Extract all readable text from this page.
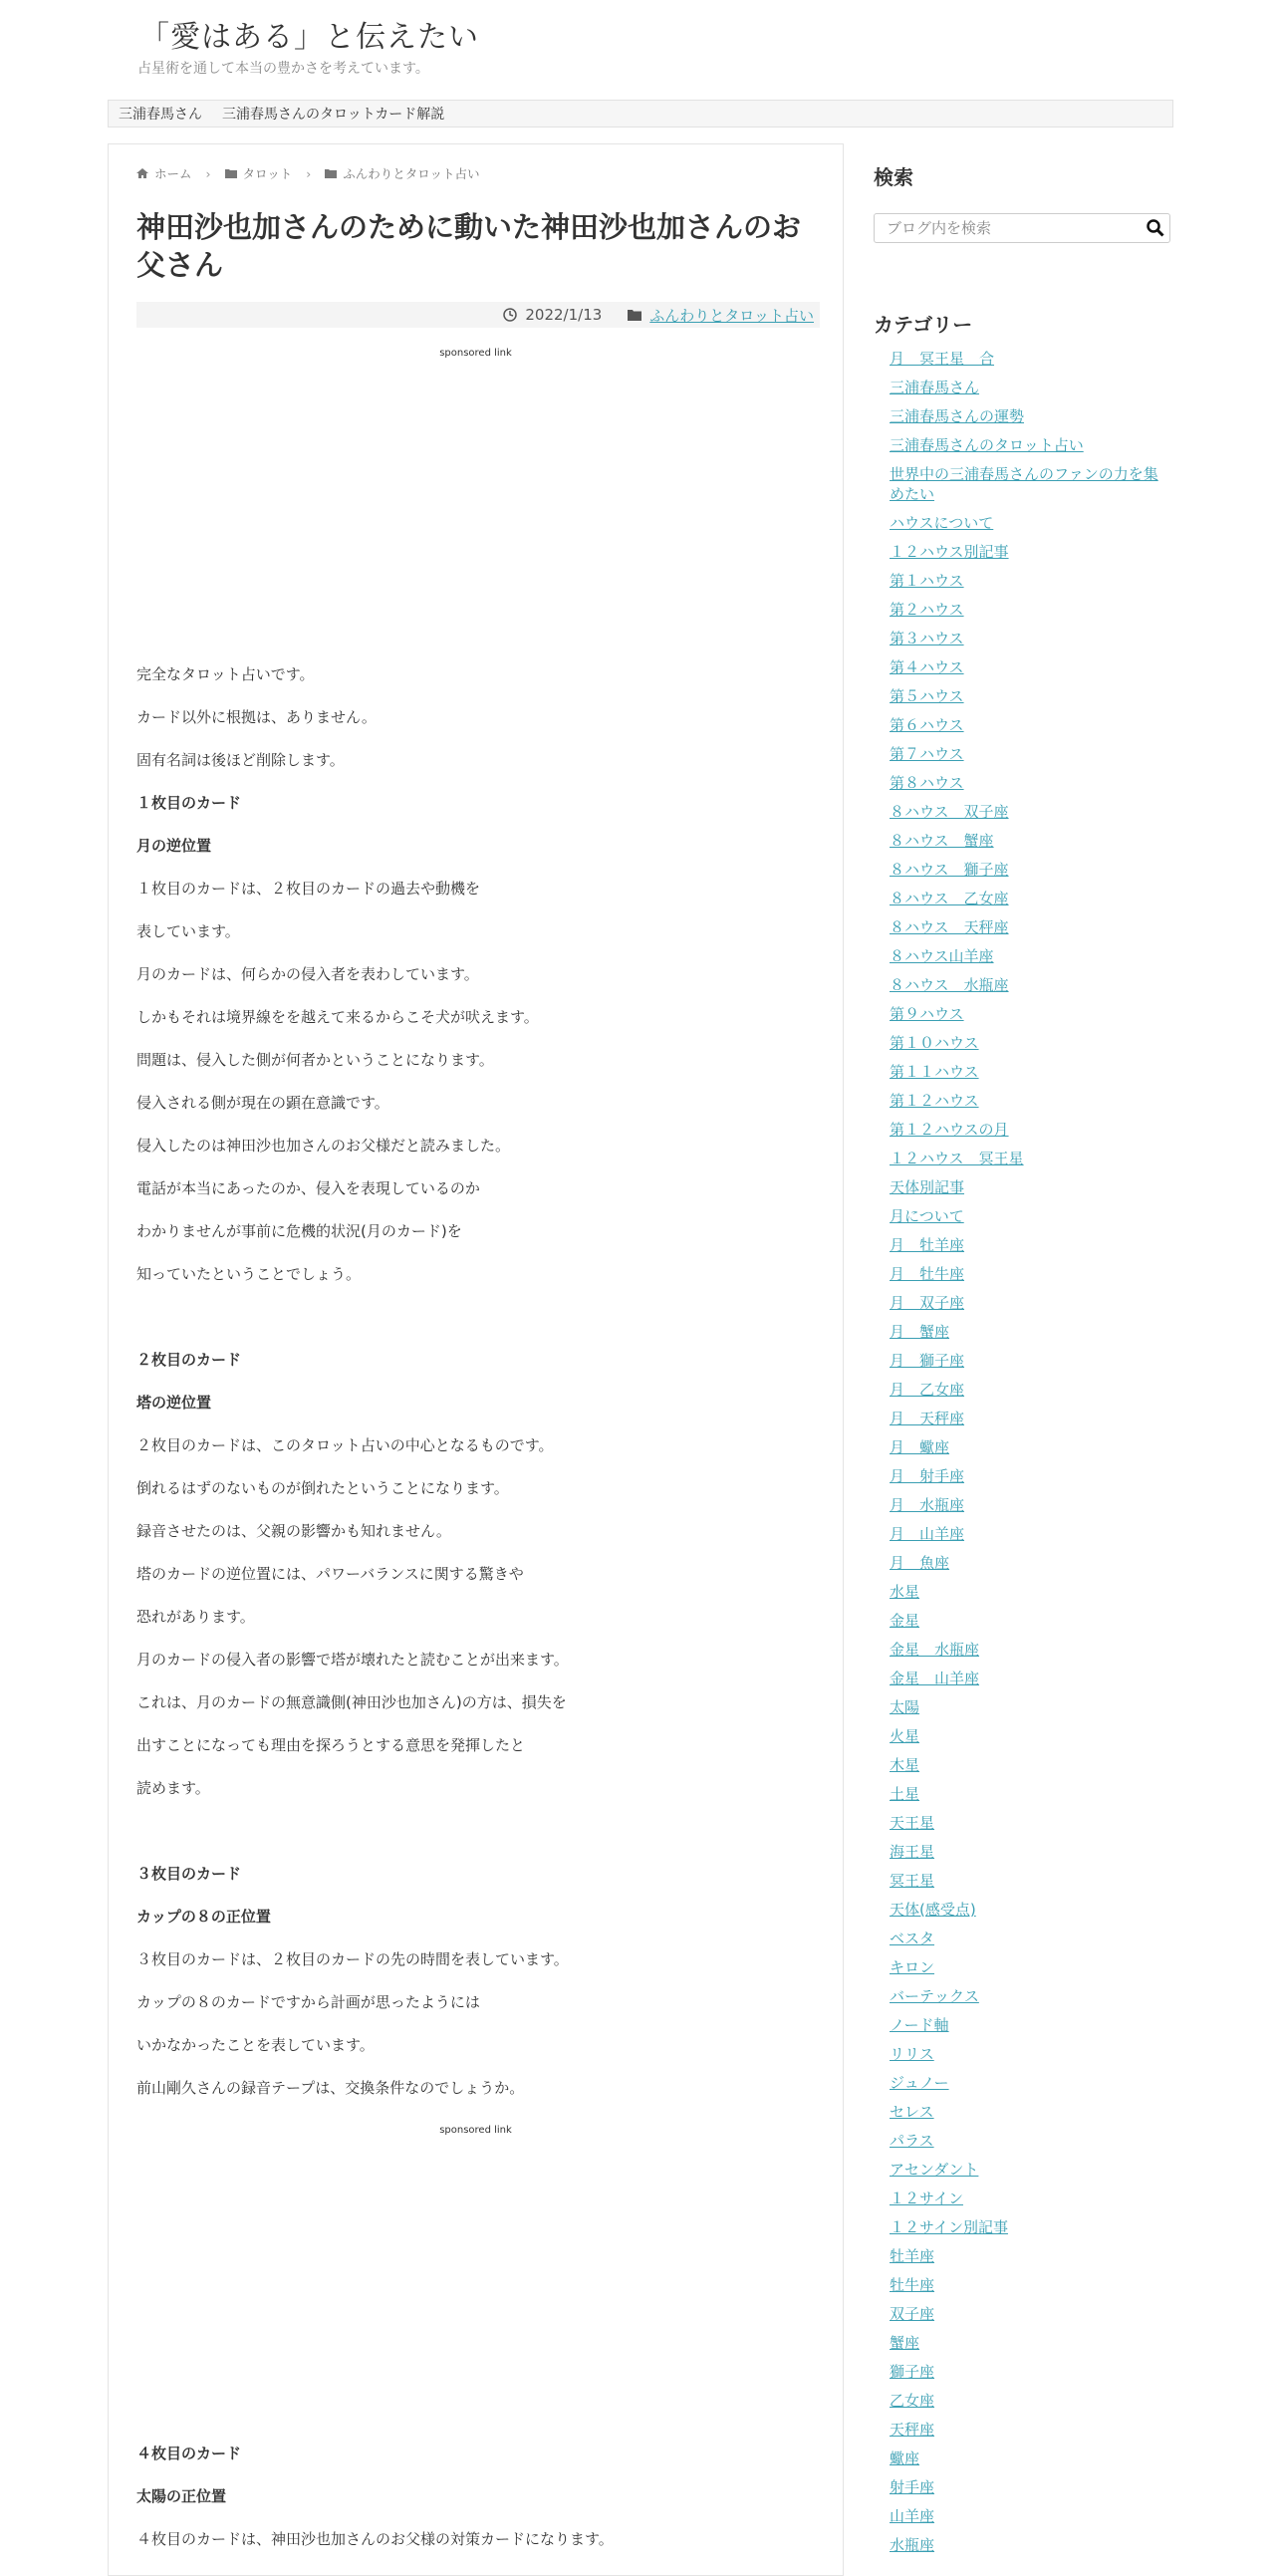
「愛はある」と伝えたい
占星術を通して本当の豊かさを考えています。
三浦春馬さん	三浦春馬さんのタロットカード解説
ホーム ›	タロット ›	ふんわりとタロット占い
神田沙也加さんのために動いた神田沙也加さんのお父さん
2022/1/13	ふんわりとタロット占い
sponsored link

完全なタロット占いです。

カード以外に根拠は、ありません。

固有名詞は後ほど削除します。

１枚目のカード

月の逆位置

１枚目のカードは、２枚目のカードの過去や動機を

表しています。

月のカードは、何らかの侵入者を表わしています。

しかもそれは境界線をを越えて来るからこそ犬が吠えます。

問題は、侵入した側が何者かということになります。

侵入される側が現在の顕在意識です。

侵入したのは神田沙也加さんのお父様だと読みました。

電話が本当にあったのか、侵入を表現しているのか

わかりませんが事前に危機的状況(月のカード)を

知っていたということでしょう。

２枚目のカード

塔の逆位置

２枚目のカードは、このタロット占いの中心となるものです。

倒れるはずのないものが倒れたということになります。

録音させたのは、父親の影響かも知れません。

塔のカードの逆位置には、パワーバランスに関する驚きや

恐れがあります。

月のカードの侵入者の影響で塔が壊れたと読むことが出来ます。

これは、月のカードの無意識側(神田沙也加さん)の方は、損失を

出すことになっても理由を探ろうとする意思を発揮したと

読めます。

３枚目のカード

カップの８の正位置

３枚目のカードは、２枚目のカードの先の時間を表しています。

カップの８のカードですから計画が思ったようには

いかなかったことを表しています。

前山剛久さんの録音テープは、交換条件なのでしょうか。

sponsored link

４枚目のカード

太陽の正位置

４枚目のカードは、神田沙也加さんのお父様の対策カードになります。

検索
ブログ内を検索
カテゴリー
月　冥王星　合
三浦春馬さん
三浦春馬さんの運勢
三浦春馬さんのタロット占い
世界中の三浦春馬さんのファンの力を集めたい
ハウスについて
１２ハウス別記事
第１ハウス
第２ハウス
第３ハウス
第４ハウス
第５ハウス
第６ハウス
第７ハウス
第８ハウス
８ハウス　双子座
８ハウス　蟹座
８ハウス　獅子座
８ハウス　乙女座
８ハウス　天秤座
８ハウス山羊座
８ハウス　水瓶座
第９ハウス
第１０ハウス
第１１ハウス
第１２ハウス
第１２ハウスの月
１２ハウス　冥王星
天体別記事
月について
月　牡羊座
月　牡牛座
月　双子座
月　蟹座
月　獅子座
月　乙女座
月　天秤座
月　蠍座
月　射手座
月　水瓶座
月　山羊座
月　魚座
水星
金星
金星　水瓶座
金星　山羊座
太陽
火星
木星
土星
天王星
海王星
冥王星
天体(感受点)
ベスタ
キロン
バーテックス
ノード軸
リリス
ジュノー
セレス
パラス
アセンダント
１２サイン
１２サイン別記事
牡羊座
牡牛座
双子座
蟹座
獅子座
乙女座
天秤座
蠍座
射手座
山羊座
水瓶座
